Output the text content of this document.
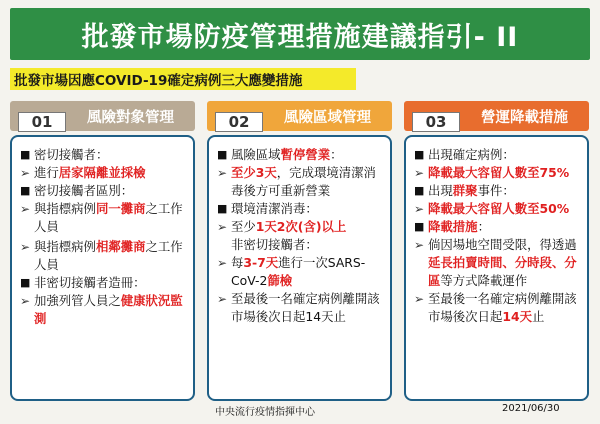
批發市場防疫管理措施建議指引- II
批發市場因應COVID-19確定病例三大應變措施
風險對象管理
01
■ 密切接觸者：
➢ 進行居家隔離並採檢
■ 密切接觸者區別：
➢ 與指標病例同一攤商之工作人員
➢ 與指標病例相鄰攤商之工作人員
■ 非密切接觸者造冊：
➢ 加強列管人員之健康狀況監測
風險區域管理
02
■ 風險區域暫停營業：
➢ 至少3天，完成環境清潔消毒後方可重新營業
■ 環境清潔消毒：
➢ 至少1天2次(含)以上
非密切接觸者：
➢ 每3-7天進行一次SARS-CoV-2篩檢
➢ 至最後一名確定病例離開該市場後次日起14天止
營運降載措施
03
■ 出現確定病例：
➢ 降載最大容留人數至75%
■ 出現群聚事件：
➢ 降載最大容留人數至50%
■ 降載措施：
➢ 倘因場地空間受限，得透過延長拍賣時間、分時段、分區等方式降載運作
➢ 至最後一名確定病例離開該市場後次日起14天止
中央流行疫情指揮中心	2021/06/30
